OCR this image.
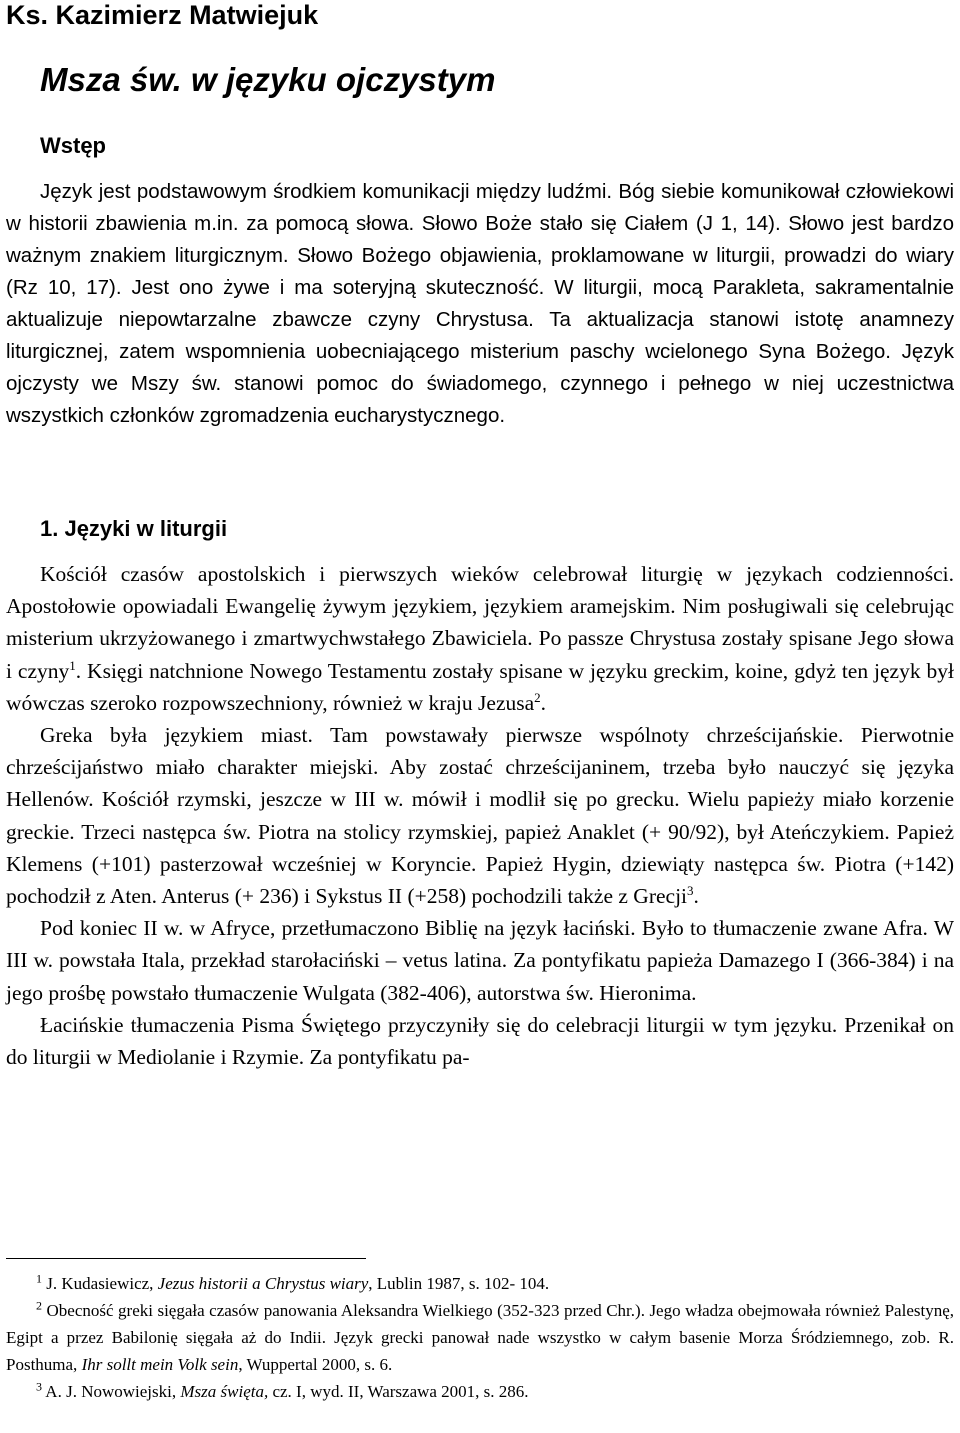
Ks. Kazimierz Matwiejuk
Msza św. w języku ojczystym
Wstęp

Język jest podstawowym środkiem komunikacji między ludźmi. Bóg siebie komunikował człowiekowi w historii zbawienia m.in. za pomocą słowa. Słowo Boże stało się Ciałem (J 1, 14). Słowo jest bardzo ważnym znakiem liturgicznym. Słowo Bożego objawienia, proklamowane w liturgii, prowadzi do wiary (Rz 10, 17). Jest ono żywe i ma soteryjną skuteczność. W liturgii, mocą Parakleta, sakramentalnie aktualizuje niepowtarzalne zbawcze czyny Chrystusa. Ta aktualizacja stanowi istotę anamnezy liturgicznej, zatem wspomnienia uobecniającego misterium paschy wcielonego Syna Bożego. Język ojczysty we Mszy św. stanowi pomoc do świadomego, czynnego i pełnego w niej uczestnictwa wszystkich członków zgromadzenia eucharystycznego.

1. Języki w liturgii

Kościół czasów apostolskich i pierwszych wieków celebrował liturgię w językach codzienności. Apostołowie opowiadali Ewangelię żywym językiem, językiem aramejskim. Nim posługiwali się celebrując misterium ukrzyżowanego i zmartwychwstałego Zbawiciela. Po passze Chrystusa zostały spisane Jego słowa i czyny$^1$. Księgi natchnione Nowego Testamentu zostały spisane w języku greckim, koine, gdyż ten język był wówczas szeroko rozpowszechniony, również w kraju Jezusa$^2$.

Greka była językiem miast. Tam powstawały pierwsze wspólnoty chrześcijańskie. Pierwotnie chrześcijaństwo miało charakter miejski. Aby zostać chrześcijaninem, trzeba było nauczyć się języka Hellenów. Kościół rzymski, jeszcze w III w. mówił i modlił się po grecku. Wielu papieży miało korzenie greckie. Trzeci następca św. Piotra na stolicy rzymskiej, papież Anaklet (+ 90/92), był Ateńczykiem. Papież Klemens (+101) pasterzował wcześniej w Koryncie. Papież Hygin, dziewiąty następca św. Piotra (+142) pochodził z Aten. Anterus (+ 236) i Sykstus II (+258) pochodzili także z Grecji$^3$.

Pod koniec II w. w Afryce, przetłumaczono Biblię na język łaciński. Było to tłumaczenie zwane Afra. W III w. powstała Itala, przekład starołaciński – vetus latina. Za pontyfikatu papieża Damazego I (366-384) i na jego prośbę powstało tłumaczenie Wulgata (382-406), autorstwa św. Hieronima.

Łacińskie tłumaczenia Pisma Świętego przyczyniły się do celebracji liturgii w tym języku. Przenikał on do liturgii w Mediolanie i Rzymie. Za pontyfikatu pa-

$^1$ J. Kudasiewicz, Jezus historii a Chrystus wiary, Lublin 1987, s. 102- 104.

$^2$ Obecność greki sięgała czasów panowania Aleksandra Wielkiego (352-323 przed Chr.). Jego władza obejmowała również Palestynę, Egipt a przez Babilonię sięgała aż do Indii. Język grecki panował nade wszystko w całym basenie Morza Śródziemnego, zob. R. Posthuma, Ihr sollt mein Volk sein, Wuppertal 2000, s. 6.

$^3$ A. J. Nowowiejski, Msza święta, cz. I, wyd. II, Warszawa 2001, s. 286.
